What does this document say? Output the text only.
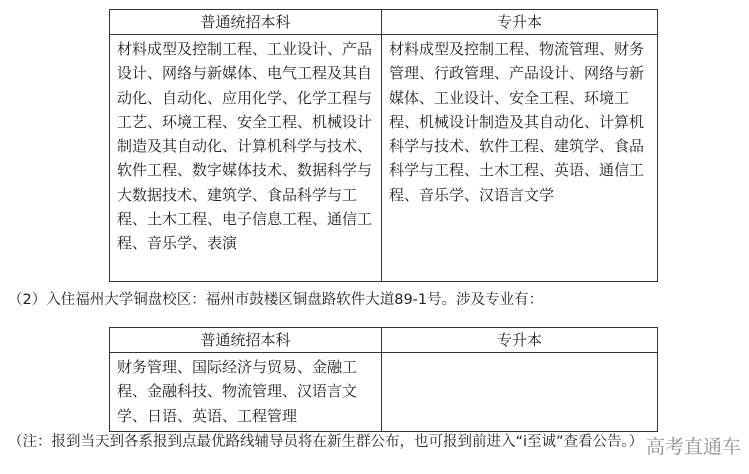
普通统招本科	专升本
材料成型及控制工程、工业设计、产品设计、网络与新媒体、电气工程及其自动化、自动化、应用化学、化学工程与工艺、环境工程、安全工程、机械设计制造及其自动化、计算机科学与技术、软件工程、数字媒体技术、数据科学与大数据技术、建筑学、食品科学与工程、土木工程、电子信息工程、通信工程、音乐学、表演	材料成型及控制工程、物流管理、财务管理、行政管理、产品设计、网络与新媒体、工业设计、安全工程、环境工程、机械设计制造及其自动化、计算机科学与技术、软件工程、建筑学、食品科学与工程、土木工程、英语、通信工程、音乐学、汉语言文学
（2）入住福州大学铜盘校区：福州市鼓楼区铜盘路软件大道89-1号。涉及专业有：
普通统招本科	专升本
财务管理、国际经济与贸易、金融工程、金融科技、物流管理、汉语言文学、日语、英语、工程管理	
（注：报到当天到各系报到点最优路线辅导员将在新生群公布，也可报到前进入“i至诚”查看公告。） 高考直通车
